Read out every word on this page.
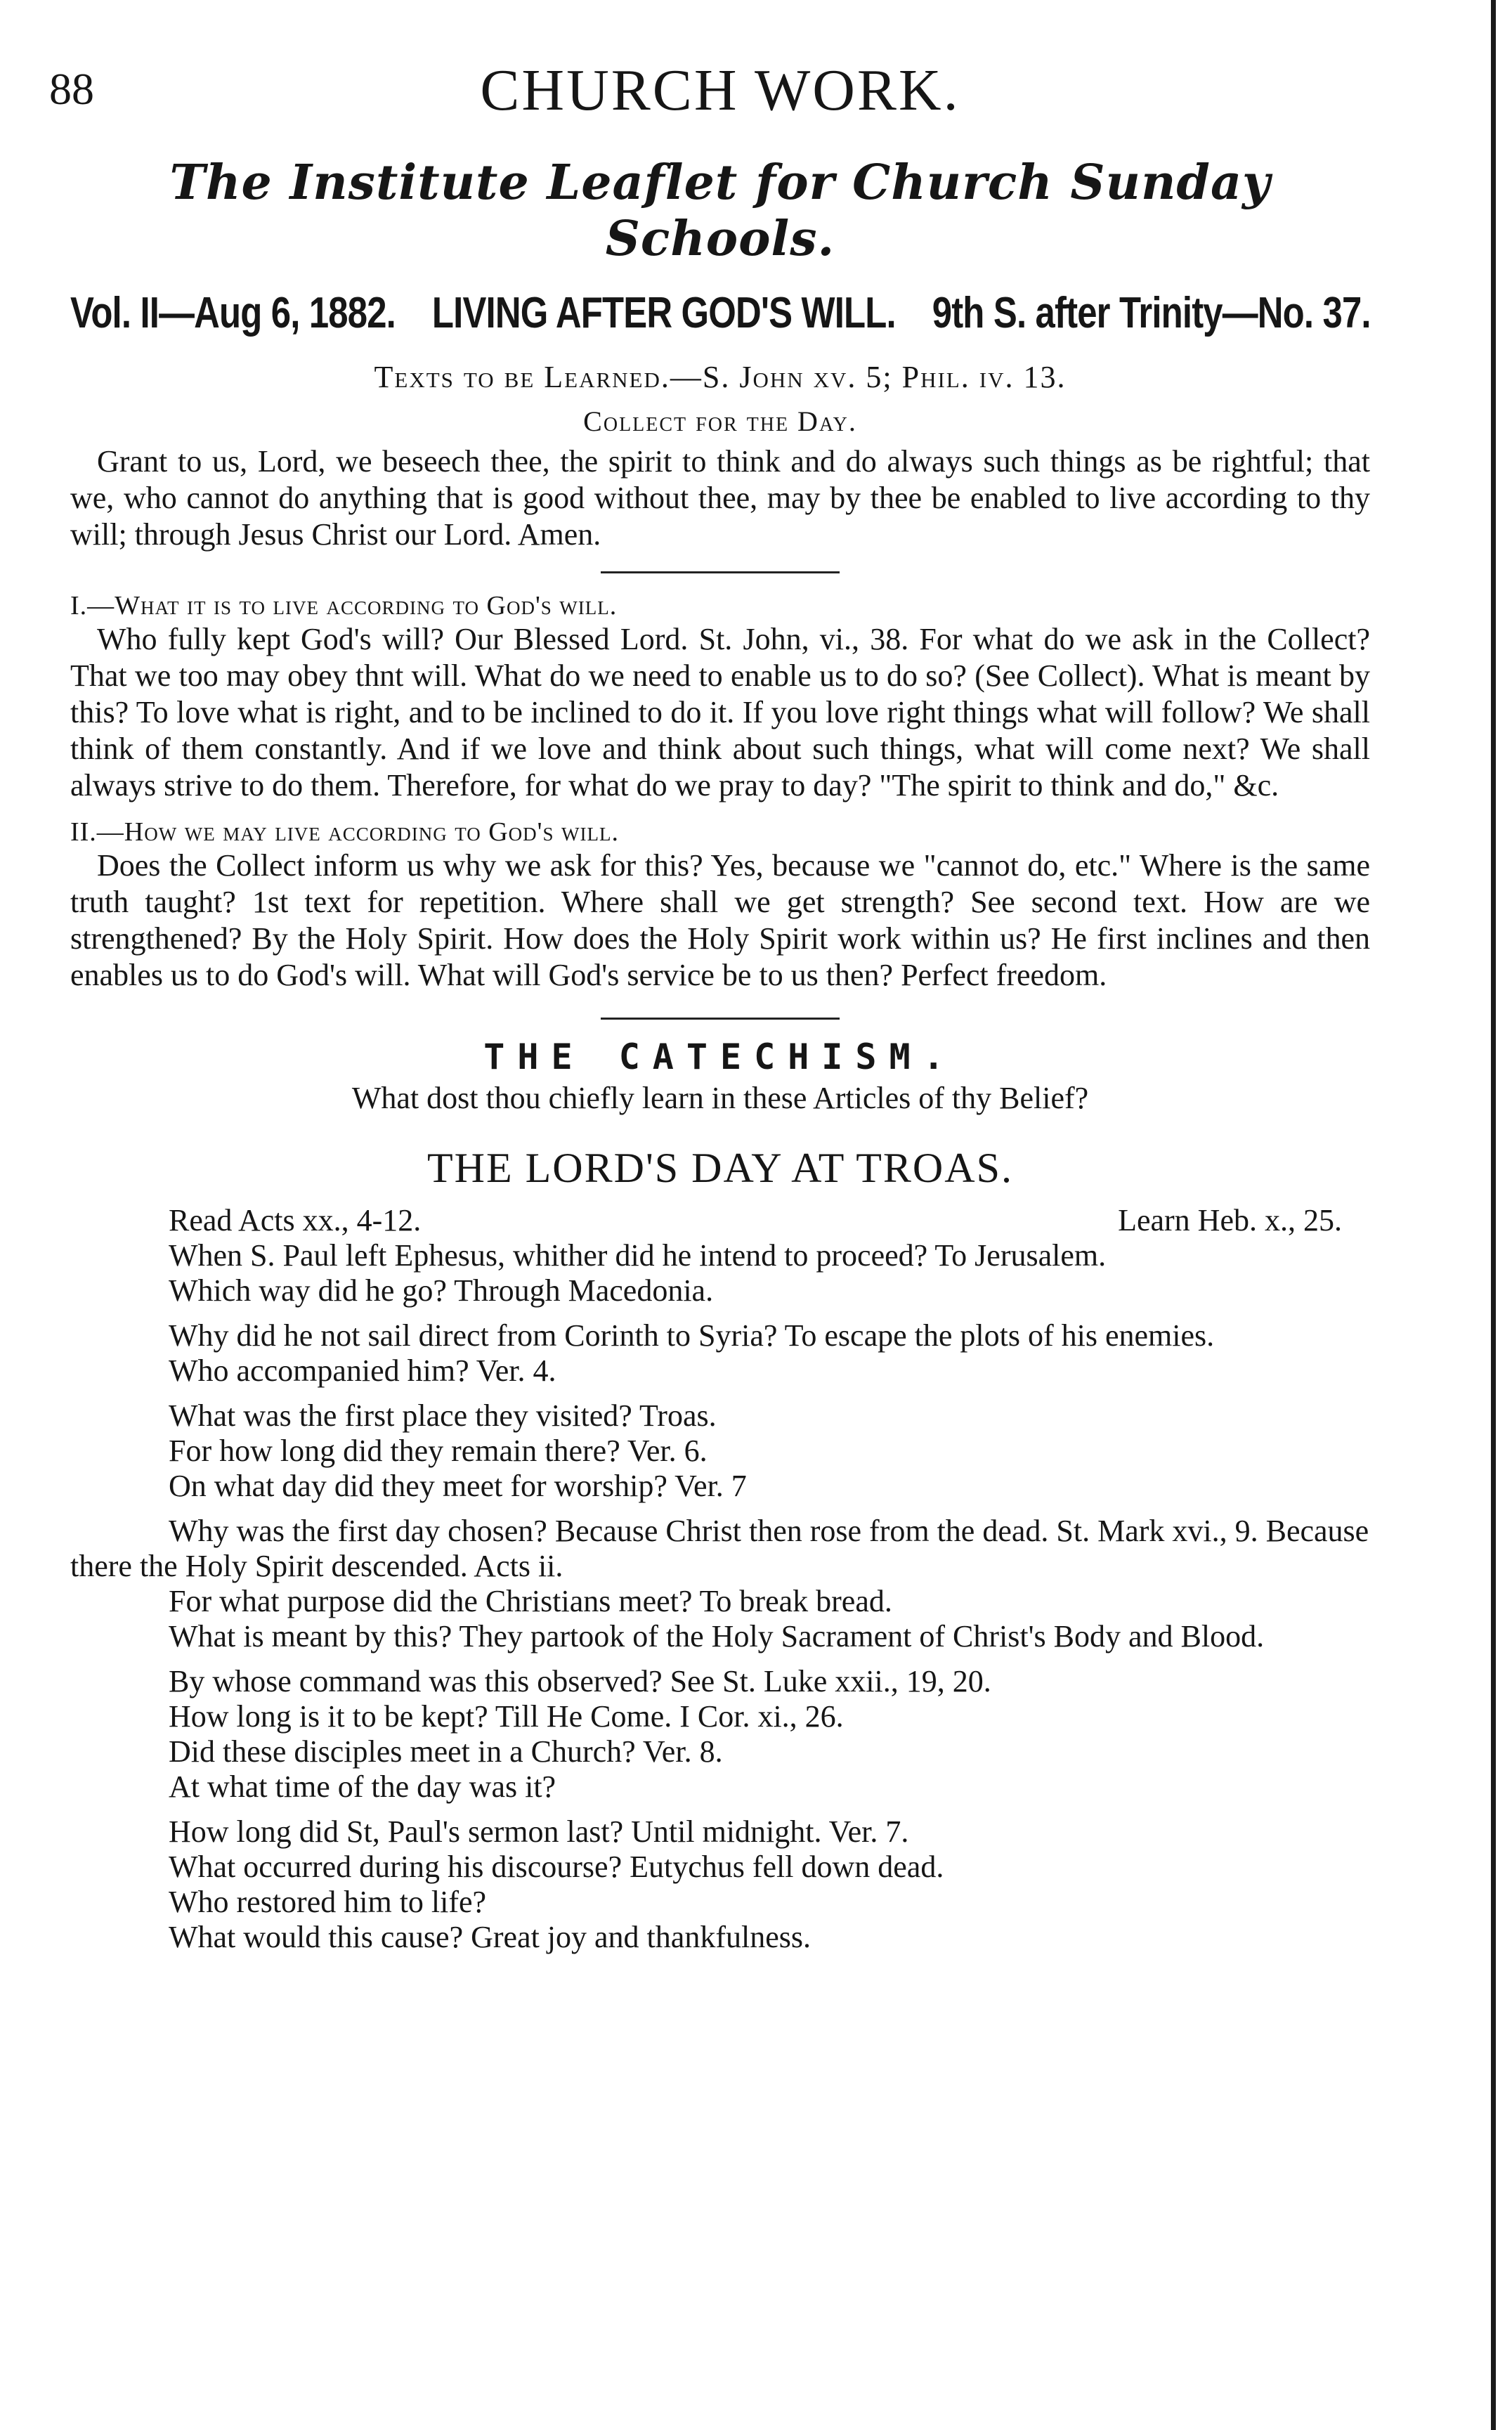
88	CHURCH WORK.
The Institute Leaflet for Church Sunday Schools.
Vol. II—Aug 6, 1882. LIVING AFTER GOD'S WILL. 9th S. after Trinity—No. 37.
Texts to be Learned.—S. John xv. 5; Phil. iv. 13.
Collect for the Day.

Grant to us, Lord, we beseech thee, the spirit to think and do always such things as be rightful; that we, who cannot do anything that is good without thee, may by thee be enabled to live according to thy will; through Jesus Christ our Lord. Amen.

I.—What it is to live according to God's will.

Who fully kept God's will? Our Blessed Lord. St. John, vi., 38. For what do we ask in the Collect? That we too may obey thnt will. What do we need to enable us to do so? (See Collect). What is meant by this? To love what is right, and to be inclined to do it. If you love right things what will follow? We shall think of them constantly. And if we love and think about such things, what will come next? We shall always strive to do them. Therefore, for what do we pray to day? "The spirit to think and do," &c.

II.—How we may live according to God's will.

Does the Collect inform us why we ask for this? Yes, because we "cannot do, etc." Where is the same truth taught? 1st text for repetition. Where shall we get strength? See second text. How are we strengthened? By the Holy Spirit. How does the Holy Spirit work within us? He first inclines and then enables us to do God's will. What will God's service be to us then? Perfect freedom.

THE CATECHISM.
What dost thou chiefly learn in these Articles of thy Belief?
THE LORD'S DAY AT TROAS.
Read Acts xx., 4-12.	Learn Heb. x., 25.

When S. Paul left Ephesus, whither did he intend to proceed? To Jerusalem.

Which way did he go? Through Macedonia.

Why did he not sail direct from Corinth to Syria? To escape the plots of his enemies.

Who accompanied him? Ver. 4.

What was the first place they visited? Troas.

For how long did they remain there? Ver. 6.

On what day did they meet for worship? Ver. 7

Why was the first day chosen? Because Christ then rose from the dead. St. Mark xvi., 9. Because there the Holy Spirit descended. Acts ii.

For what purpose did the Christians meet? To break bread.

What is meant by this? They partook of the Holy Sacrament of Christ's Body and Blood.

By whose command was this observed? See St. Luke xxii., 19, 20.

How long is it to be kept? Till He Come. I Cor. xi., 26.

Did these disciples meet in a Church? Ver. 8.

At what time of the day was it?

How long did St, Paul's sermon last? Until midnight. Ver. 7.

What occurred during his discourse? Eutychus fell down dead.

Who restored him to life?

What would this cause? Great joy and thankfulness.
